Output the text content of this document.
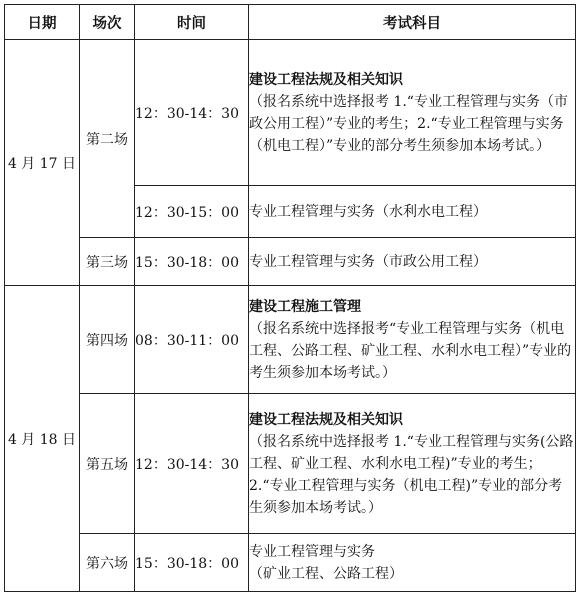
日期	场次	时间	考试科目
4 月 17 日	第二场	12：30-14：30	建设工程法规及相关知识
（报名系统中选择报考 1.“专业工程管理与实务（市政公用工程）”专业的考生；2.“专业工程管理与实务（机电工程）”专业的部分考生须参加本场考试。）

		12：30-15：00	专业工程管理与实务（水利水电工程）

	第三场	15：30-18：00	专业工程管理与实务（市政公用工程）

4 月 18 日	第四场	08：30-11：00	建设工程施工管理
（报名系统中选择报考“专业工程管理与实务（机电工程、公路工程、矿业工程、水利水电工程）”专业的考生须参加本场考试。）

	第五场	12：30-14：30	建设工程法规及相关知识
（报名系统中选择报考 1.“专业工程管理与实务(公路工程、矿业工程、水利水电工程)”专业的考生；2.“专业工程管理与实务（机电工程)”专业的部分考生须参加本场考试。）

	第六场	15：30-18：00	专业工程管理与实务
（矿业工程、公路工程）
